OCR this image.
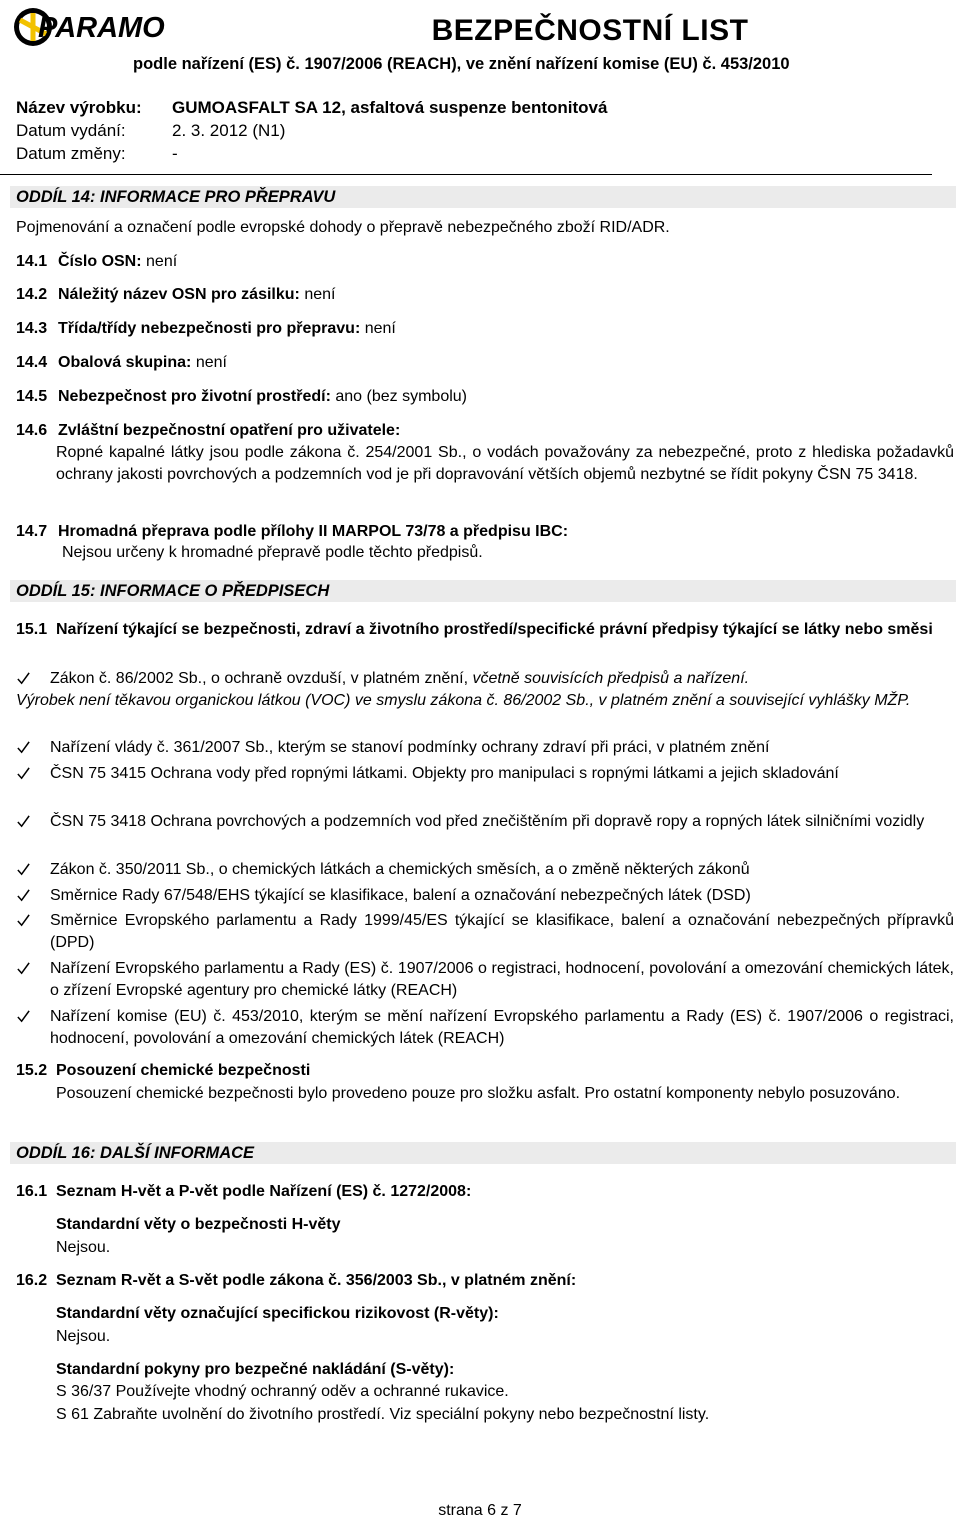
PARAMO	BEZPEČNOSTNÍ LIST
podle nařízení (ES) č. 1907/2006 (REACH), ve znění nařízení komise (EU) č. 453/2010
Název výrobku: GUMOASFALT SA 12, asfaltová suspenze bentonitová
Datum vydání:	2. 3. 2012 (N1)
Datum změny:	-
ODDÍL 14: INFORMACE PRO PŘEPRAVU
Pojmenování a označení podle evropské dohody o přepravě nebezpečného zboží RID/ADR.
14.1 Číslo OSN: není
14.2 Náležitý název OSN pro zásilku: není
14.3 Třída/třídy nebezpečnosti pro přepravu: není
14.4 Obalová skupina: není
14.5 Nebezpečnost pro životní prostředí: ano (bez symbolu)
14.6 Zvláštní bezpečnostní opatření pro uživatele:
Ropné kapalné látky jsou podle zákona č. 254/2001 Sb., o vodách považovány za nebezpečné, proto z hlediska požadavků ochrany jakosti povrchových a podzemních vod je při dopravování větších objemů nezbytné se řídit pokyny ČSN 75 3418.
14.7 Hromadná přeprava podle přílohy II MARPOL 73/78 a předpisu IBC:
Nejsou určeny k hromadné přepravě podle těchto předpisů.
ODDÍL 15: INFORMACE O PŘEDPISECH
15.1 Nařízení týkající se bezpečnosti, zdraví a životního prostředí/specifické právní předpisy týkající se látky nebo směsi
Zákon č. 86/2002 Sb., o ochraně ovzduší, v platném znění, včetně souvisících předpisů a nařízení.
Výrobek není těkavou organickou látkou (VOC) ve smyslu zákona č. 86/2002 Sb., v platném znění a související vyhlášky MŽP.
Nařízení vlády č. 361/2007 Sb., kterým se stanoví podmínky ochrany zdraví při práci, v platném znění
ČSN 75 3415 Ochrana vody před ropnými látkami. Objekty pro manipulaci s ropnými látkami a jejich skladování
ČSN 75 3418 Ochrana povrchových a podzemních vod před znečištěním při dopravě ropy a ropných látek silničními vozidly
Zákon č. 350/2011 Sb., o chemických látkách a chemických směsích, a o změně některých zákonů
Směrnice Rady 67/548/EHS týkající se klasifikace, balení a označování nebezpečných látek (DSD)
Směrnice Evropského parlamentu a Rady 1999/45/ES týkající se klasifikace, balení a označování nebezpečných přípravků (DPD)
Nařízení Evropského parlamentu a Rady (ES) č. 1907/2006 o registraci, hodnocení, povolování a omezování chemických látek, o zřízení Evropské agentury pro chemické látky (REACH)
Nařízení komise (EU) č. 453/2010, kterým se mění nařízení Evropského parlamentu a Rady (ES) č. 1907/2006 o registraci, hodnocení, povolování a omezování chemických látek (REACH)
15.2 Posouzení chemické bezpečnosti
Posouzení chemické bezpečnosti bylo provedeno pouze pro složku asfalt. Pro ostatní komponenty nebylo posuzováno.
ODDÍL 16: DALŠÍ INFORMACE
16.1 Seznam H-vět a P-vět podle Nařízení (ES) č. 1272/2008:
Standardní věty o bezpečnosti H-věty
Nejsou.
16.2 Seznam R-vět a S-vět podle zákona č. 356/2003 Sb., v platném znění:
Standardní věty označující specifickou rizikovost (R-věty):
Nejsou.
Standardní pokyny pro bezpečné nakládání (S-věty):
S 36/37 Používejte vhodný ochranný oděv a ochranné rukavice.
S 61 Zabraňte uvolnění do životního prostředí. Viz speciální pokyny nebo bezpečnostní listy.
strana 6 z 7
